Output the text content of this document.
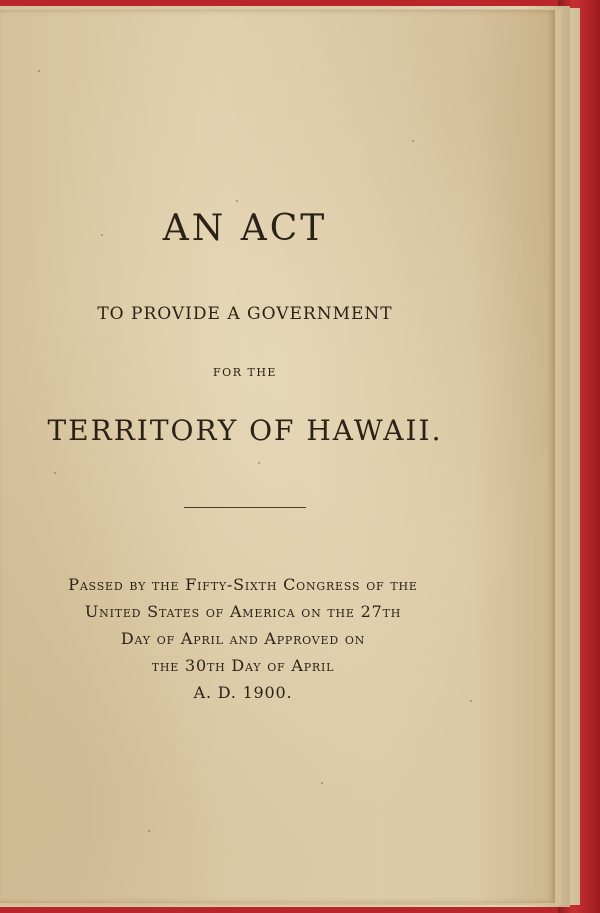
AN ACT

TO PROVIDE A GOVERNMENT

FOR THE

TERRITORY OF HAWAII.

Passed by the Fifty-Sixth Congress of the
United States of America on the 27th
Day of April and Approved on
the 30th Day of April
A. D. 1900.
